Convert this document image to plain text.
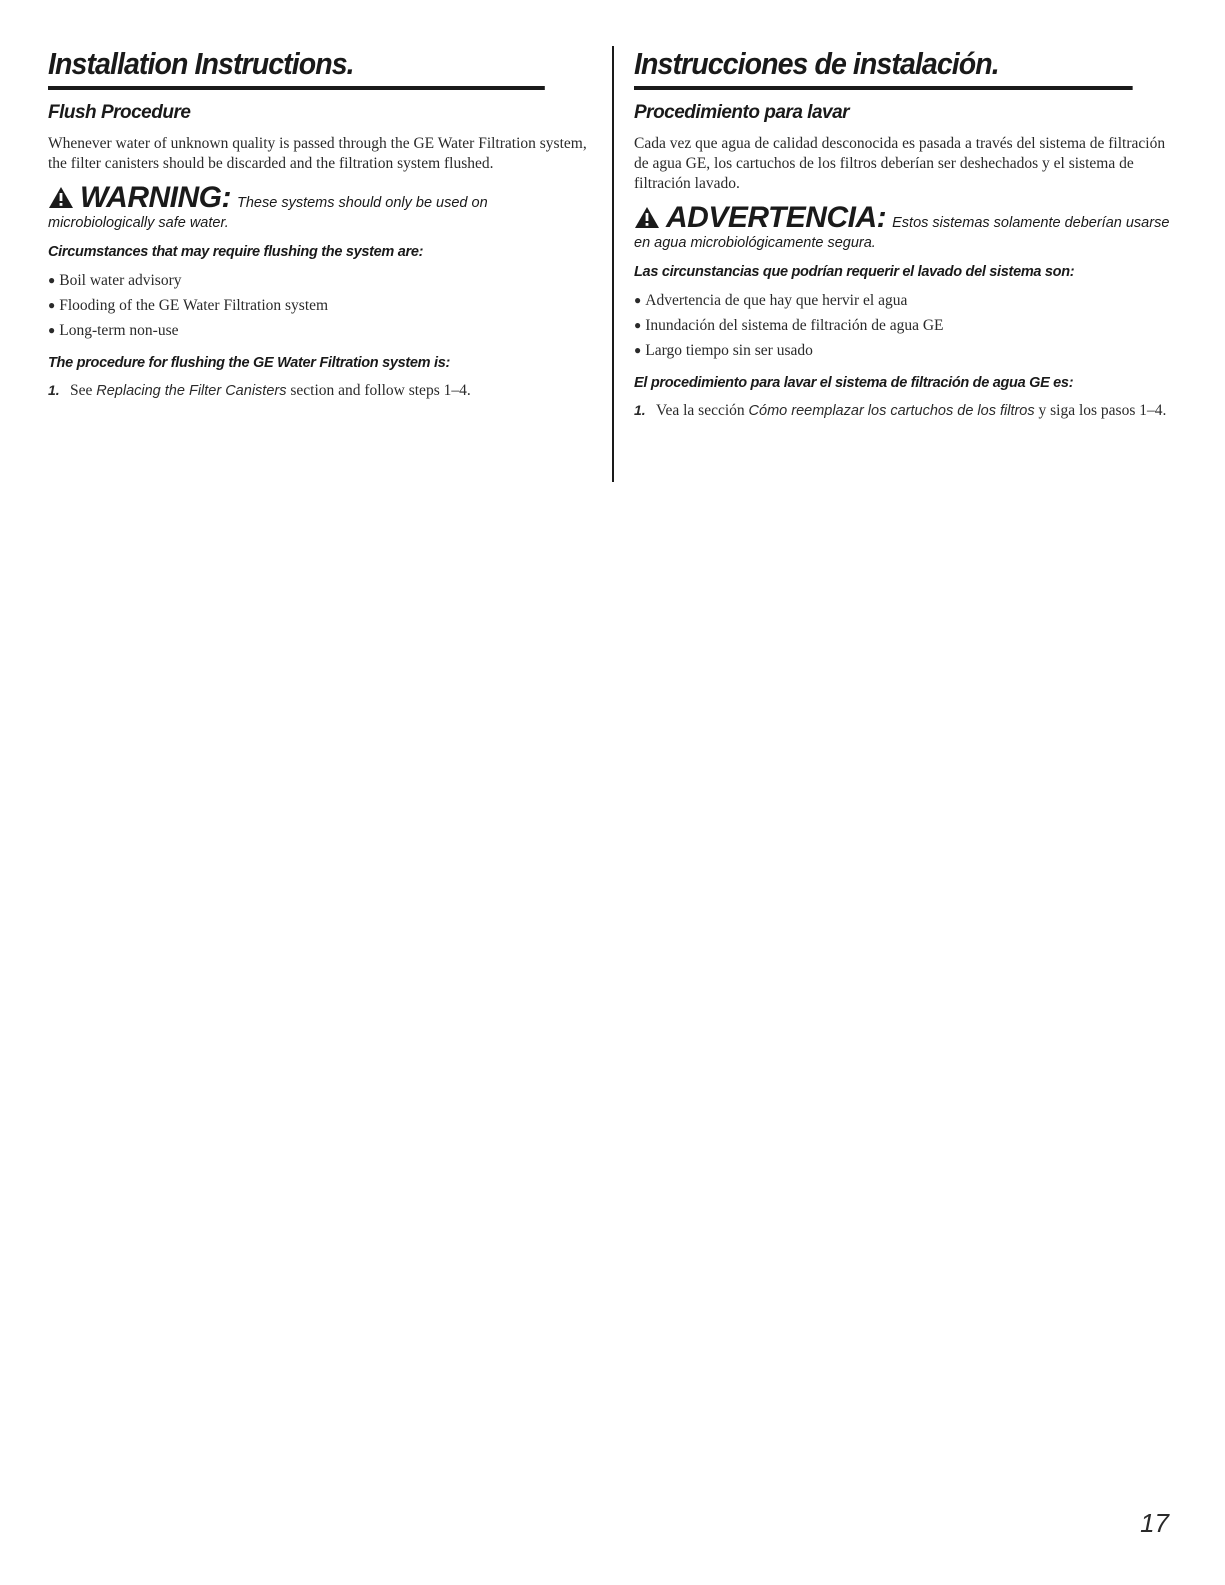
Installation Instructions.
Flush Procedure

Whenever water of unknown quality is passed through the GE Water Filtration system, the filter canisters should be discarded and the filtration system flushed.

WARNING: These systems should only be used on
microbiologically safe water.
Circumstances that may require flushing the system are:
● Boil water advisory
● Flooding of the GE Water Filtration system
● Long-term non-use
The procedure for flushing the GE Water Filtration system is:

1. See Replacing the Filter Canisters section and follow steps 1–4.

Instrucciones de instalación.
Procedimiento para lavar

Cada vez que agua de calidad desconocida es pasada a través del sistema de filtración de agua GE, los cartuchos de los filtros deberían ser deshechados y el sistema de filtración lavado.

ADVERTENCIA: Estos sistemas solamente deberían usarse
en agua microbiológicamente segura.
Las circunstancias que podrían requerir el lavado del sistema son:
● Advertencia de que hay que hervir el agua
● Inundación del sistema de filtración de agua GE
● Largo tiempo sin ser usado
El procedimiento para lavar el sistema de filtración de agua GE es:

1. Vea la sección Cómo reemplazar los cartuchos de los filtros y siga los pasos 1–4.

17
